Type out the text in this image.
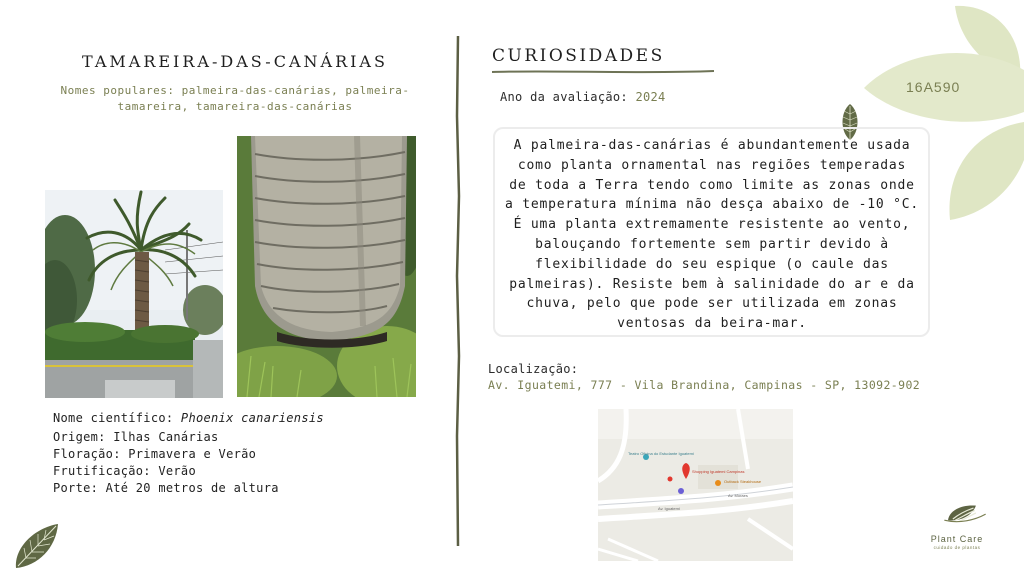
TAMAREIRA-DAS-CANÁRIAS
Nomes populares: palmeira-das-canárias, palmeira-
tamareira, tamareira-das-canárias
Nome científico: Phoenix canariensis
Origem: Ilhas Canárias
Floração: Primavera e Verão
Frutificação: Verão
Porte: Até 20 metros de altura
CURIOSIDADES
Ano da avaliação: 2024
16A590
A palmeira-das-canárias é abundantemente usada
como planta ornamental nas regiões temperadas
de toda a Terra tendo como limite as zonas onde
a temperatura mínima não desça abaixo de -10 °C.
É uma planta extremamente resistente ao vento,
balouçando fortemente sem partir devido à
flexibilidade do seu espique (o caule das
palmeiras). Resiste bem à salinidade do ar e da
chuva, pelo que pode ser utilizada em zonas
ventosas da beira-mar.
Localização:
Av. Iguatemi, 777 - Vila Brandina, Campinas - SP, 13092-902
Teatro Oficina do Estudante Iguatemi
Shopping Iguatemi Campinas
Outback Steakhouse
Av. Iguatemi
Av. Moraes
Plant Care
cuidado de plantas
